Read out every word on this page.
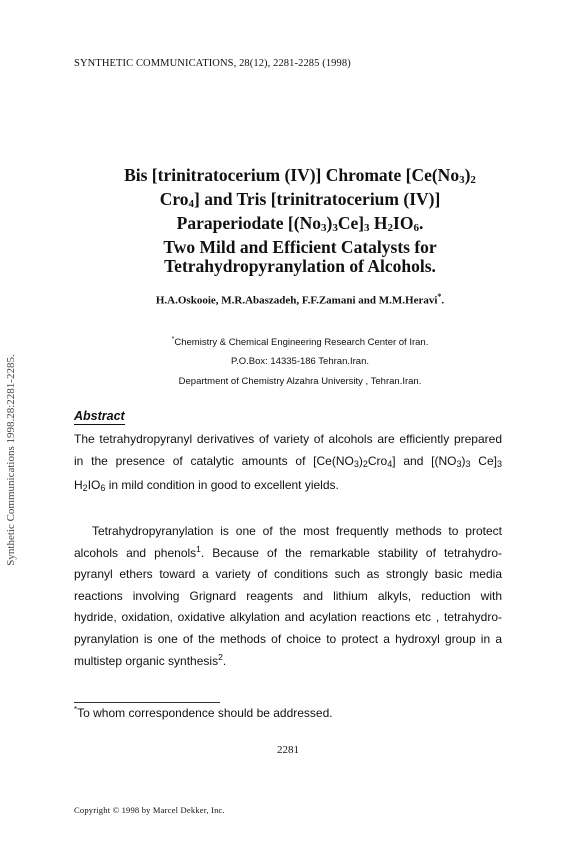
SYNTHETIC COMMUNICATIONS, 28(12), 2281-2285 (1998)
Synthetic Communications 1998.28:2281-2285.
Bis [trinitratocerium (IV)] Chromate [$Ce(No_3)_2$
Cro$_4$] and Tris [trinitratocerium (IV)]
Paraperiodate $[(No_3)_3Ce]_3$ $H_2IO_6$.
Two Mild and Efficient Catalysts for
Tetrahydropyranylation of Alcohols.
H.A.Oskooie, M.R.Abaszadeh, F.F.Zamani and M.M.Heravi*.
*Chemistry & Chemical Engineering Research Center of Iran.
P.O.Box: 14335-186 Tehran.Iran.
Department of Chemistry Alzahra University , Tehran.Iran.
Abstract
The tetrahydropyranyl derivatives of variety of alcohols are efficiently prepared
in the presence of catalytic amounts of $[Ce(NO_3)_2Cro_4]$ and [$(NO_3)_3$ $Ce]_3$
$H_2IO_6$ in mild condition in good to excellent yields.
Tetrahydropyranylation is one of the most frequently methods to protect
alcohols and phenols$^1$. Because of the remarkable stability of tetrahydro-
pyranyl ethers toward a variety of conditions such as strongly basic media
reactions involving Grignard reagents and lithium alkyls, reduction with
hydride, oxidation, oxidative alkylation and acylation reactions etc , tetrahydro-
pyranylation is one of the methods of choice to protect a hydroxyl group in a
multistep organic synthesis$^2$.
*To whom correspondence should be addressed.
2281
Copyright © 1998 by Marcel Dekker, Inc.
